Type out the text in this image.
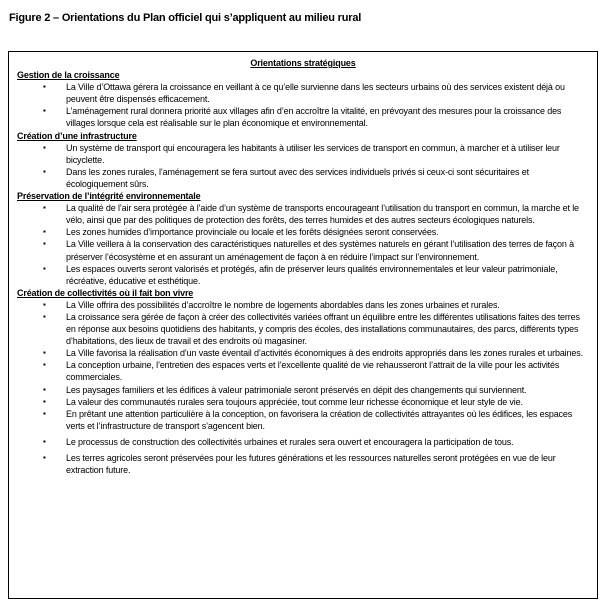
Figure 2 – Orientations du Plan officiel qui s’appliquent au milieu rural
Orientations stratégiques
Gestion de la croissance
▪ La Ville d’Ottawa gérera la croissance en veillant à ce qu’elle survienne dans les secteurs urbains où des services existent déjà ou peuvent être dispensés efficacement.
▪ L’aménagement rural donnera priorité aux villages afin d’en accroître la vitalité, en prévoyant des mesures pour la croissance des villages lorsque cela est réalisable sur le plan économique et environnemental.
Création d’une infrastructure
▪ Un système de transport qui encouragera les habitants à utiliser les services de transport en commun, à marcher et à utiliser leur bicyclette.
▪ Dans les zones rurales, l’aménagement se fera surtout avec des services individuels privés si ceux-ci sont sécuritaires et écologiquement sûrs.
Préservation de l’intégrité environnementale
▪ La qualité de l’air sera protégée à l’aide d’un système de transports encourageant l’utilisation du transport en commun, la marche et le vélo, ainsi que par des politiques de protection des forêts, des terres humides et des autres secteurs écologiques naturels.
▪ Les zones humides d’importance provinciale ou locale et les forêts désignées seront conservées.
▪ La Ville veillera à la conservation des caractéristiques naturelles et des systèmes naturels en gérant l’utilisation des terres de façon à préserver l’écosystème et en assurant un aménagement de façon à en réduire l’impact sur l’environnement.
▪ Les espaces ouverts seront valorisés et protégés, afin de préserver leurs qualités environnementales et leur valeur patrimoniale, récréative, éducative et esthétique.
Création de collectivités où il fait bon vivre
▪ La Ville offrira des possibilités d’accroître le nombre de logements abordables dans les zones urbaines et rurales.
▪ La croissance sera gérée de façon à créer des collectivités variées offrant un équilibre entre les différentes utilisations faites des terres en réponse aux besoins quotidiens des habitants, y compris des écoles, des installations communautaires, des parcs, différents types d’habitations, des lieux de travail et des endroits où magasiner.
▪ La Ville favorisa la réalisation d’un vaste éventail d’activités économiques à des endroits appropriés dans les zones rurales et urbaines.
▪ La conception urbaine, l’entretien des espaces verts et l’excellente qualité de vie rehausseront l’attrait de la ville pour les activités commerciales.
▪ Les paysages familiers et les édifices à valeur patrimoniale seront préservés en dépit des changements qui surviennent.
▪ La valeur des communautés rurales sera toujours appréciée, tout comme leur richesse économique et leur style de vie.
▪ En prêtant une attention particulière à la conception, on favorisera la création de collectivités attrayantes où les édifices, les espaces verts et l’infrastructure de transport s’agencent bien.
▪ Le processus de construction des collectivités urbaines et rurales sera ouvert et encouragera la participation de tous.
▪ Les terres agricoles seront préservées pour les futures générations et les ressources naturelles seront protégées en vue de leur extraction future.
